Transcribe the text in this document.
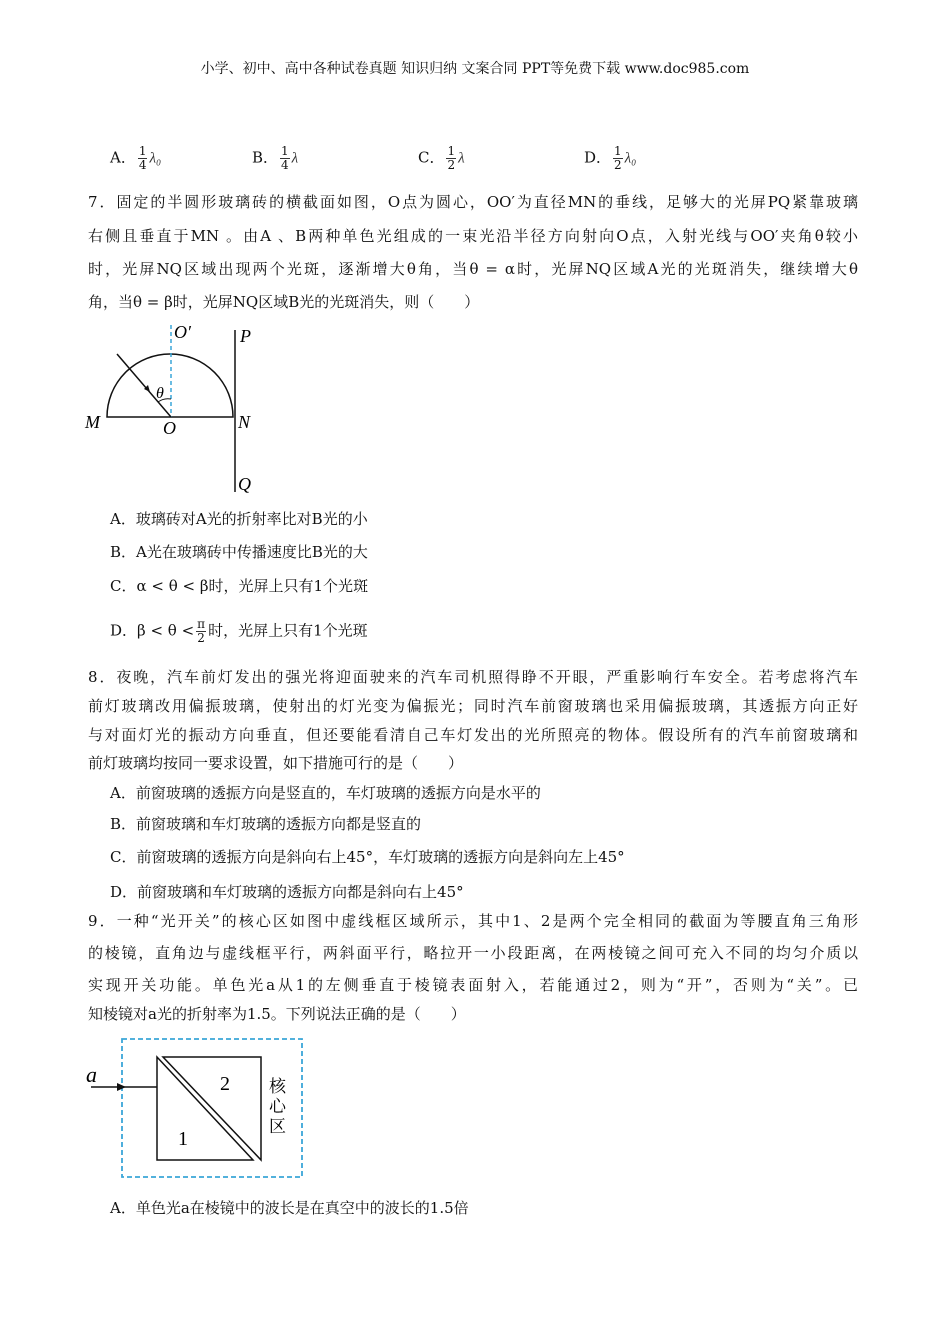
小学、初中、高中各种试卷真题 知识归纳 文案合同 PPT等免费下载 www.doc985.com
A． $\frac{1}{4} \lambda_0$	B． $\frac{1}{4}$ λ	C． $\frac{1}{2}$ λ	D． $\frac{1}{2} \lambda_0$
7．固定的半圆形玻璃砖的横截面如图，O点为圆心，OO′为直径MN的垂线，足够大的光屏PQ紧靠玻璃
右侧且垂直于MN 。由A 、B两种单色光组成的一束光沿半径方向射向O点，入射光线与OO′夹角θ较小
时，光屏NQ区域出现两个光斑，逐渐增大θ角，当θ = α时，光屏NQ区域A光的光斑消失，继续增大θ
角，当θ = β时，光屏NQ区域B光的光斑消失，则（　　）
O′	P
M	O	N
Q
θ
A．玻璃砖对A光的折射率比对B光的小
B．A光在玻璃砖中传播速度比B光的大
C．α < θ < β时，光屏上只有1个光斑
D．$\beta < \theta < \frac{\pi}{2}$ 时，光屏上只有1个光斑
8．夜晚，汽车前灯发出的强光将迎面驶来的汽车司机照得睁不开眼，严重影响行车安全。若考虑将汽车
前灯玻璃改用偏振玻璃，使射出的灯光变为偏振光；同时汽车前窗玻璃也采用偏振玻璃，其透振方向正好
与对面灯光的振动方向垂直，但还要能看清自己车灯发出的光所照亮的物体。假设所有的汽车前窗玻璃和
前灯玻璃均按同一要求设置，如下措施可行的是（　　）
A．前窗玻璃的透振方向是竖直的，车灯玻璃的透振方向是水平的
B．前窗玻璃和车灯玻璃的透振方向都是竖直的
C．前窗玻璃的透振方向是斜向右上45°，车灯玻璃的透振方向是斜向左上45°
D．前窗玻璃和车灯玻璃的透振方向都是斜向右上45°
9．一种“光开关”的核心区如图中虚线框区域所示，其中1、2是两个完全相同的截面为等腰直角三角形
的棱镜，直角边与虚线框平行，两斜面平行，略拉开一小段距离，在两棱镜之间可充入不同的均匀介质以
实现开关功能。单色光a从1的左侧垂直于棱镜表面射入，若能通过2，则为“开”，否则为“关”。已
知棱镜对a光的折射率为1.5。下列说法正确的是（　　）
a	2
1
核
心
区
A．单色光a在棱镜中的波长是在真空中的波长的1.5倍
